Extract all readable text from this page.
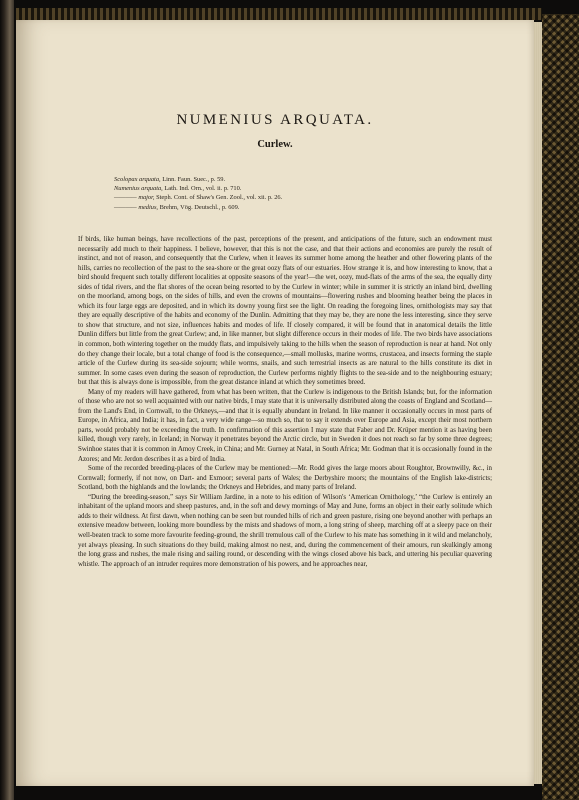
NUMENIUS ARQUATA.
Curlew.
Scolopax arquata, Linn. Faun. Suec., p. 59.
Numenius arquata, Lath. Ind. Orn., vol. ii. p. 710.
———— major, Steph. Cont. of Shaw's Gen. Zool., vol. xii. p. 26.
———— medius, Brehm, Vög. Deutschl., p. 609.

If birds, like human beings, have recollections of the past, perceptions of the present, and anticipations of the future, such an endowment must necessarily add much to their happiness. I believe, however, that this is not the case, and that their actions and economies are purely the result of instinct, and not of reason, and consequently that the Curlew, when it leaves its summer home among the heather and other flowering plants of the hills, carries no recollection of the past to the sea-shore or the great oozy flats of our estuaries. How strange it is, and how interesting to know, that a bird should frequent such totally different localities at opposite seasons of the year!—the wet, oozy, mud-flats of the arms of the sea, the equally dirty sides of tidal rivers, and the flat shores of the ocean being resorted to by the Curlew in winter; while in summer it is strictly an inland bird, dwelling on the moorland, among bogs, on the sides of hills, and even the crowns of mountains—flowering rushes and blooming heather being the places in which its four large eggs are deposited, and in which its downy young first see the light. On reading the foregoing lines, ornithologists may say that they are equally descriptive of the habits and economy of the Dunlin. Admitting that they may be, they are none the less interesting, since they serve to show that structure, and not size, influences habits and modes of life. If closely compared, it will be found that in anatomical details the little Dunlin differs but little from the great Curlew; and, in like manner, but slight difference occurs in their modes of life. The two birds have associations in common, both wintering together on the muddy flats, and impulsively taking to the hills when the season of reproduction is near at hand. Not only do they change their locale, but a total change of food is the consequence,—small mollusks, marine worms, crustacea, and insects forming the staple article of the Curlew during its sea-side sojourn; while worms, snails, and such terrestrial insects as are natural to the hills constitute its diet in summer. In some cases even during the season of reproduction, the Curlew performs nightly flights to the sea-side and to the neighbouring estuary; but that this is always done is impossible, from the great distance inland at which they sometimes breed.

Many of my readers will have gathered, from what has been written, that the Curlew is indigenous to the British Islands; but, for the information of those who are not so well acquainted with our native birds, I may state that it is universally distributed along the coasts of England and Scotland—from the Land's End, in Cornwall, to the Orkneys,—and that it is equally abundant in Ireland. In like manner it occasionally occurs in most parts of Europe, in Africa, and India; it has, in fact, a very wide range—so much so, that to say it extends over Europe and Asia, except their most northern parts, would probably not be exceeding the truth. In confirmation of this assertion I may state that Faber and Dr. Krüper mention it as having been killed, though very rarely, in Iceland; in Norway it penetrates beyond the Arctic circle, but in Sweden it does not reach so far by some three degrees; Swinhoe states that it is common in Amoy Creek, in China; and Mr. Gurney at Natal, in South Africa; Mr. Godman that it is occasionally found in the Azores; and Mr. Jerdon describes it as a bird of India.

Some of the recorded breeding-places of the Curlew may be mentioned:—Mr. Rodd gives the large moors about Roughtor, Brownwilly, &c., in Cornwall; formerly, if not now, on Dart- and Exmoor; several parts of Wales; the Derbyshire moors; the mountains of the English lake-districts; Scotland, both the highlands and the lowlands; the Orkneys and Hebrides, and many parts of Ireland.

“During the breeding-season,” says Sir William Jardine, in a note to his edition of Wilson's ‘American Ornithology,’ “the Curlew is entirely an inhabitant of the upland moors and sheep pastures, and, in the soft and dewy mornings of May and June, forms an object in their early solitude which adds to their wildness. At first dawn, when nothing can be seen but rounded hills of rich and green pasture, rising one beyond another with perhaps an extensive meadow between, looking more boundless by the mists and shadows of morn, a long string of sheep, marching off at a sleepy pace on their well-beaten track to some more favourite feeding-ground, the shrill tremulous call of the Curlew to his mate has something in it wild and melancholy, yet always pleasing. In such situations do they build, making almost no nest, and, during the commencement of their amours, run skulkingly among the long grass and rushes, the male rising and sailing round, or descending with the wings closed above his back, and uttering his peculiar quavering whistle. The approach of an intruder requires more demonstration of his powers, and he approaches near,
